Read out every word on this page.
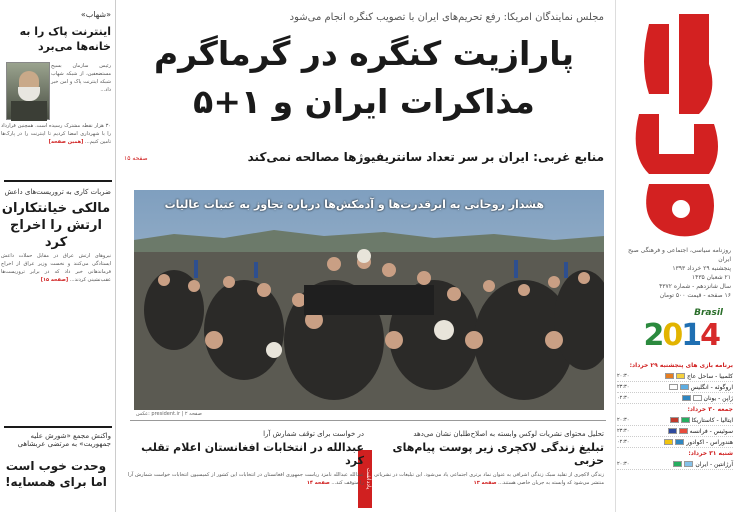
«شهاب»
اینترنت پاک را به خانه‌ها می‌برد
رئیس سازمان بسیج مستضعفین، از شبکه شهاب شبکه اینترنت پاک و امن خبر داد...
۳۰ هزار نقطه مشترک رسیده است. همچنین قرارداد را با شهرداری امضا کردیم تا اینترنت را در پارک‌ها تامین کنیم... [همین صفحه]
ضربات کاری به تروریست‌های داعش
مالکی خیانتکاران ارتش را اخراج کرد
نیروهای ارتش عراق در مقابل حملات داعش ایستادگی می‌کنند و نخست وزیر عراق از اخراج فرماندهانی خبر داد که در برابر تروریست‌ها عقب‌نشینی کردند... [صفحه ۱۵]
واکنش مجمع «شورش علیه جمهوریت» به مرتضی عربشاهی
وحدت خوب است اما برای همسایه!
مجلس نمایندگان امریکا: رفع تحریم‌های ایران با تصویب کنگره انجام می‌شود
پارازیت کنگره در گرماگرم
مذاکرات ایران و ۱+۵
منابع غربی: ایران بر سر تعداد سانتریفیوژها مصالحه نمی‌کند
صفحه ۱۵
هشدار روحانی به ابرقدرت‌ها و آدمکش‌ها درباره تجاوز به عتبات عالیات
عکس: president.ir | صفحه ۲
تحلیل محتوای نشریات لوکس وابسته به اصلاح‌طلبان نشان می‌دهد
تبلیغ زندگی لاکچری زیر پوست پیام‌های حزبی
زندگی لاکچری از تقلید سبک زندگی اشرافی به عنوان نماد برتری اجتماعی یاد می‌شود. این تبلیغات در نشریاتی منتشر می‌شود که وابسته به جریان خاصی هستند... صفحه ۱۳
یادداشت
در خواست برای توقف شمارش آرا
عبدالله در انتخابات افغانستان اعلام تقلب کرد
عبدالله عبدالله نامزد ریاست جمهوری افغانستان در انتخابات این کشور از کمیسیون انتخابات خواست شمارش آرا را متوقف کند... صفحه ۱۴
روزنامه سیاسی، اجتماعی و فرهنگی صبح ایران
پنجشنبه ۲۹ خرداد ۱۳۹۳
۲۱ شعبان ۱۴۳۵
سال شانزدهم - شماره ۴۳۷۲
۱۶ صفحه - قیمت ۵۰۰ تومان
Brasil
2014
برنامه بازی های پنجشنبه ۲۹ خرداد:
کلمبیا - ساحل عاج
۲۰:۳۰
اروگوئه - انگلیس
۲۳:۳۰
ژاپن - یونان
۰۲:۳۰
جمعه ۳۰ خرداد:
ایتالیا - کاستاریکا
۲۰:۳۰
سوئیس - فرانسه
۲۳:۳۰
هندوراس - اکوادور
۰۲:۳۰
شنبه ۳۱ خرداد:
آرژانتین - ایران
۲۰:۳۰
